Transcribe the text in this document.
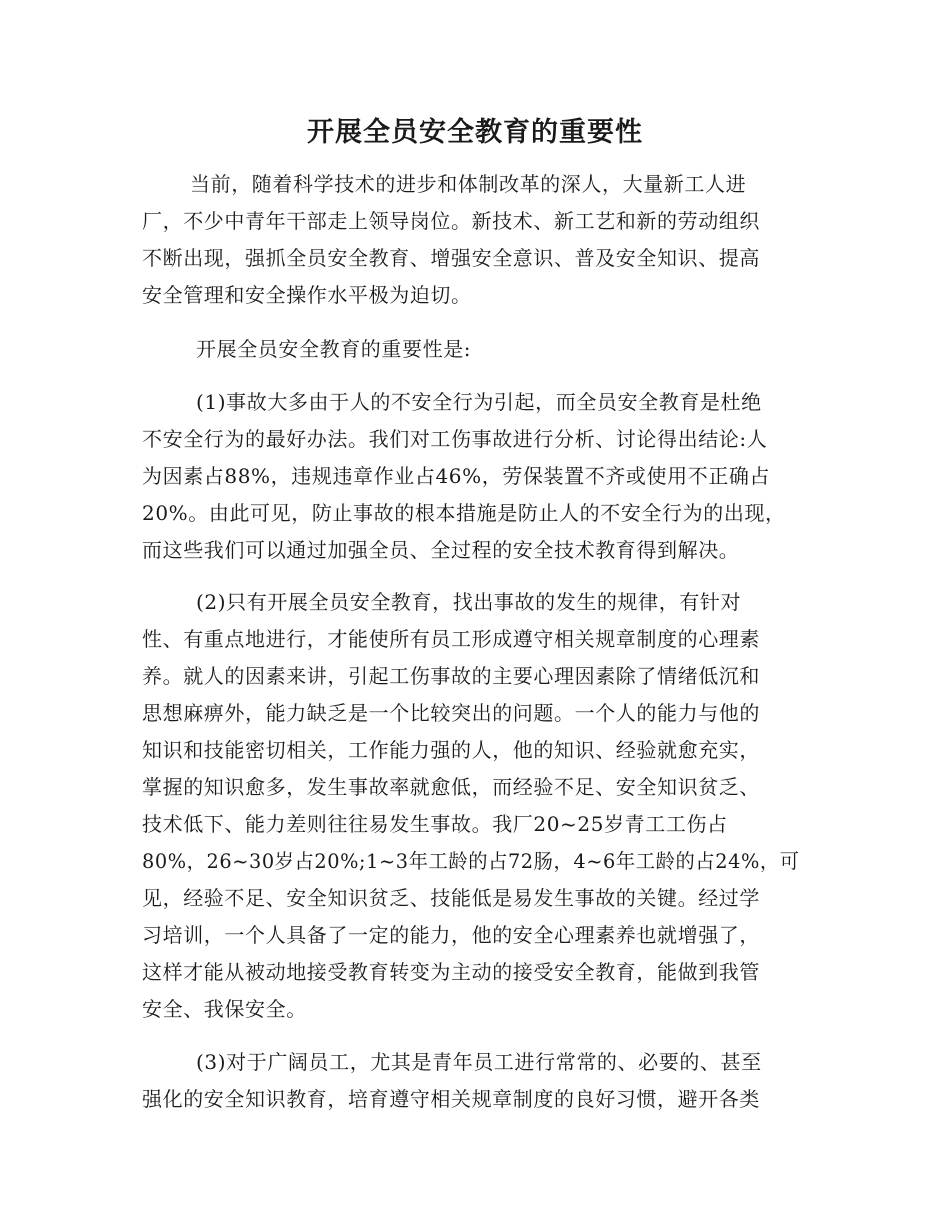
开展全员安全教育的重要性
当前，随着科学技术的进步和体制改革的深人，大量新工人进
厂，不少中青年干部走上领导岗位。新技术、新工艺和新的劳动组织
不断出现，强抓全员安全教育、增强安全意识、普及安全知识、提高
安全管理和安全操作水平极为迫切。
开展全员安全教育的重要性是:
(1)事故大多由于人的不安全行为引起，而全员安全教育是杜绝
不安全行为的最好办法。我们对工伤事故进行分析、讨论得出结论:人
为因素占88%，违规违章作业占46%，劳保装置不齐或使用不正确占
20%。由此可见，防止事故的根本措施是防止人的不安全行为的出现，
而这些我们可以通过加强全员、全过程的安全技术教育得到解决。
(2)只有开展全员安全教育，找出事故的发生的规律，有针对
性、有重点地进行，才能使所有员工形成遵守相关规章制度的心理素
养。就人的因素来讲，引起工伤事故的主要心理因素除了情绪低沉和
思想麻痹外，能力缺乏是一个比较突出的问题。一个人的能力与他的
知识和技能密切相关，工作能力强的人，他的知识、经验就愈充实，
掌握的知识愈多，发生事故率就愈低，而经验不足、安全知识贫乏、
技术低下、能力差则往往易发生事故。我厂20~25岁青工工伤占
80%，26~30岁占20%;1~3年工龄的占72肠，4~6年工龄的占24%，可
见，经验不足、安全知识贫乏、技能低是易发生事故的关键。经过学
习培训，一个人具备了一定的能力，他的安全心理素养也就增强了，
这样才能从被动地接受教育转变为主动的接受安全教育，能做到我管
安全、我保安全。
(3)对于广阔员工，尤其是青年员工进行常常的、必要的、甚至
强化的安全知识教育，培育遵守相关规章制度的良好习惯，避开各类
